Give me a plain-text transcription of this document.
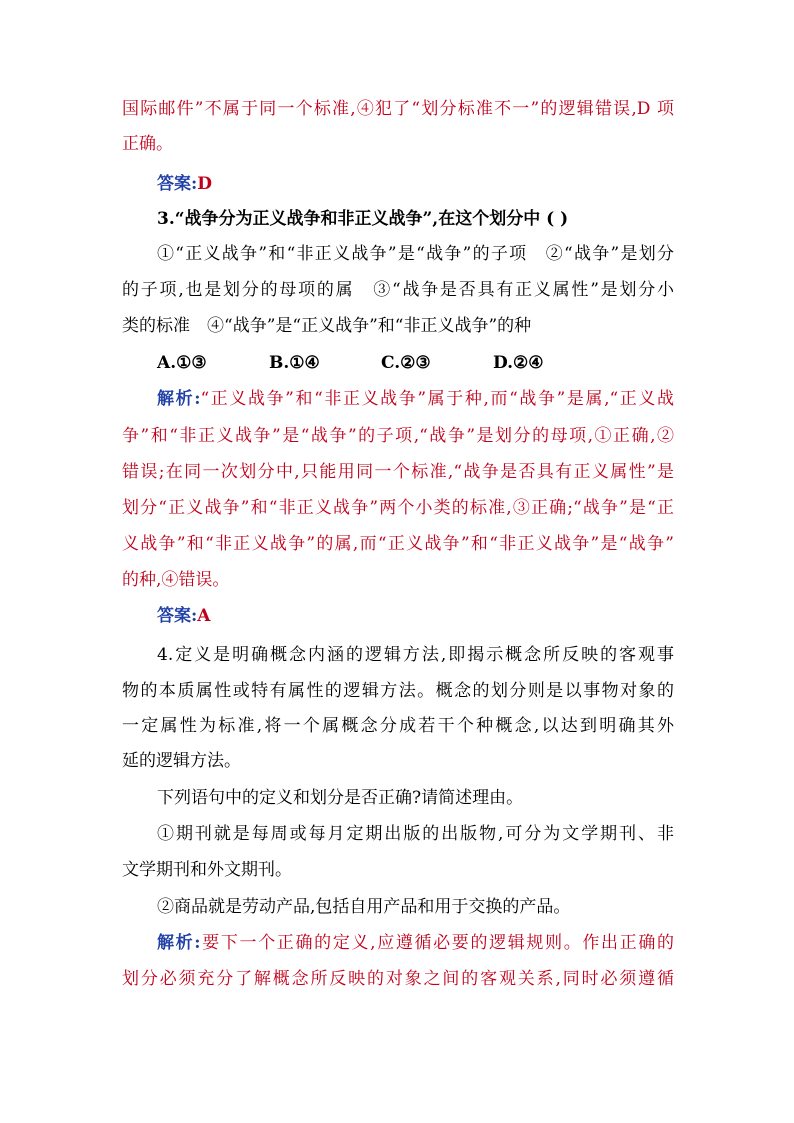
国际邮件”不属于同一个标准,④犯了“划分标准不一”的逻辑错误,D 项
正确。
答案:D
3.“战争分为正义战争和非正义战争”,在这个划分中 ( )
①“正义战争”和“非正义战争”是“战争”的子项　②“战争”是划分
的子项,也是划分的母项的属　③“战争是否具有正义属性”是划分小
类的标准　④“战争”是“正义战争”和“非正义战争”的种
A.①③	B.①④	C.②③	D.②④
解析:“正义战争”和“非正义战争”属于种,而“战争”是属,“正义战
争”和“非正义战争”是“战争”的子项,“战争”是划分的母项,①正确,②
错误;在同一次划分中,只能用同一个标准,“战争是否具有正义属性”是
划分“正义战争”和“非正义战争”两个小类的标准,③正确;“战争”是“正
义战争”和“非正义战争”的属,而“正义战争”和“非正义战争”是“战争”
的种,④错误。
答案:A
4.定义是明确概念内涵的逻辑方法,即揭示概念所反映的客观事
物的本质属性或特有属性的逻辑方法。概念的划分则是以事物对象的
一定属性为标准,将一个属概念分成若干个种概念,以达到明确其外
延的逻辑方法。
下列语句中的定义和划分是否正确?请简述理由。
①期刊就是每周或每月定期出版的出版物,可分为文学期刊、非
文学期刊和外文期刊。
②商品就是劳动产品,包括自用产品和用于交换的产品。
解析:要下一个正确的定义,应遵循必要的逻辑规则。作出正确的
划分必须充分了解概念所反映的对象之间的客观关系,同时必须遵循
